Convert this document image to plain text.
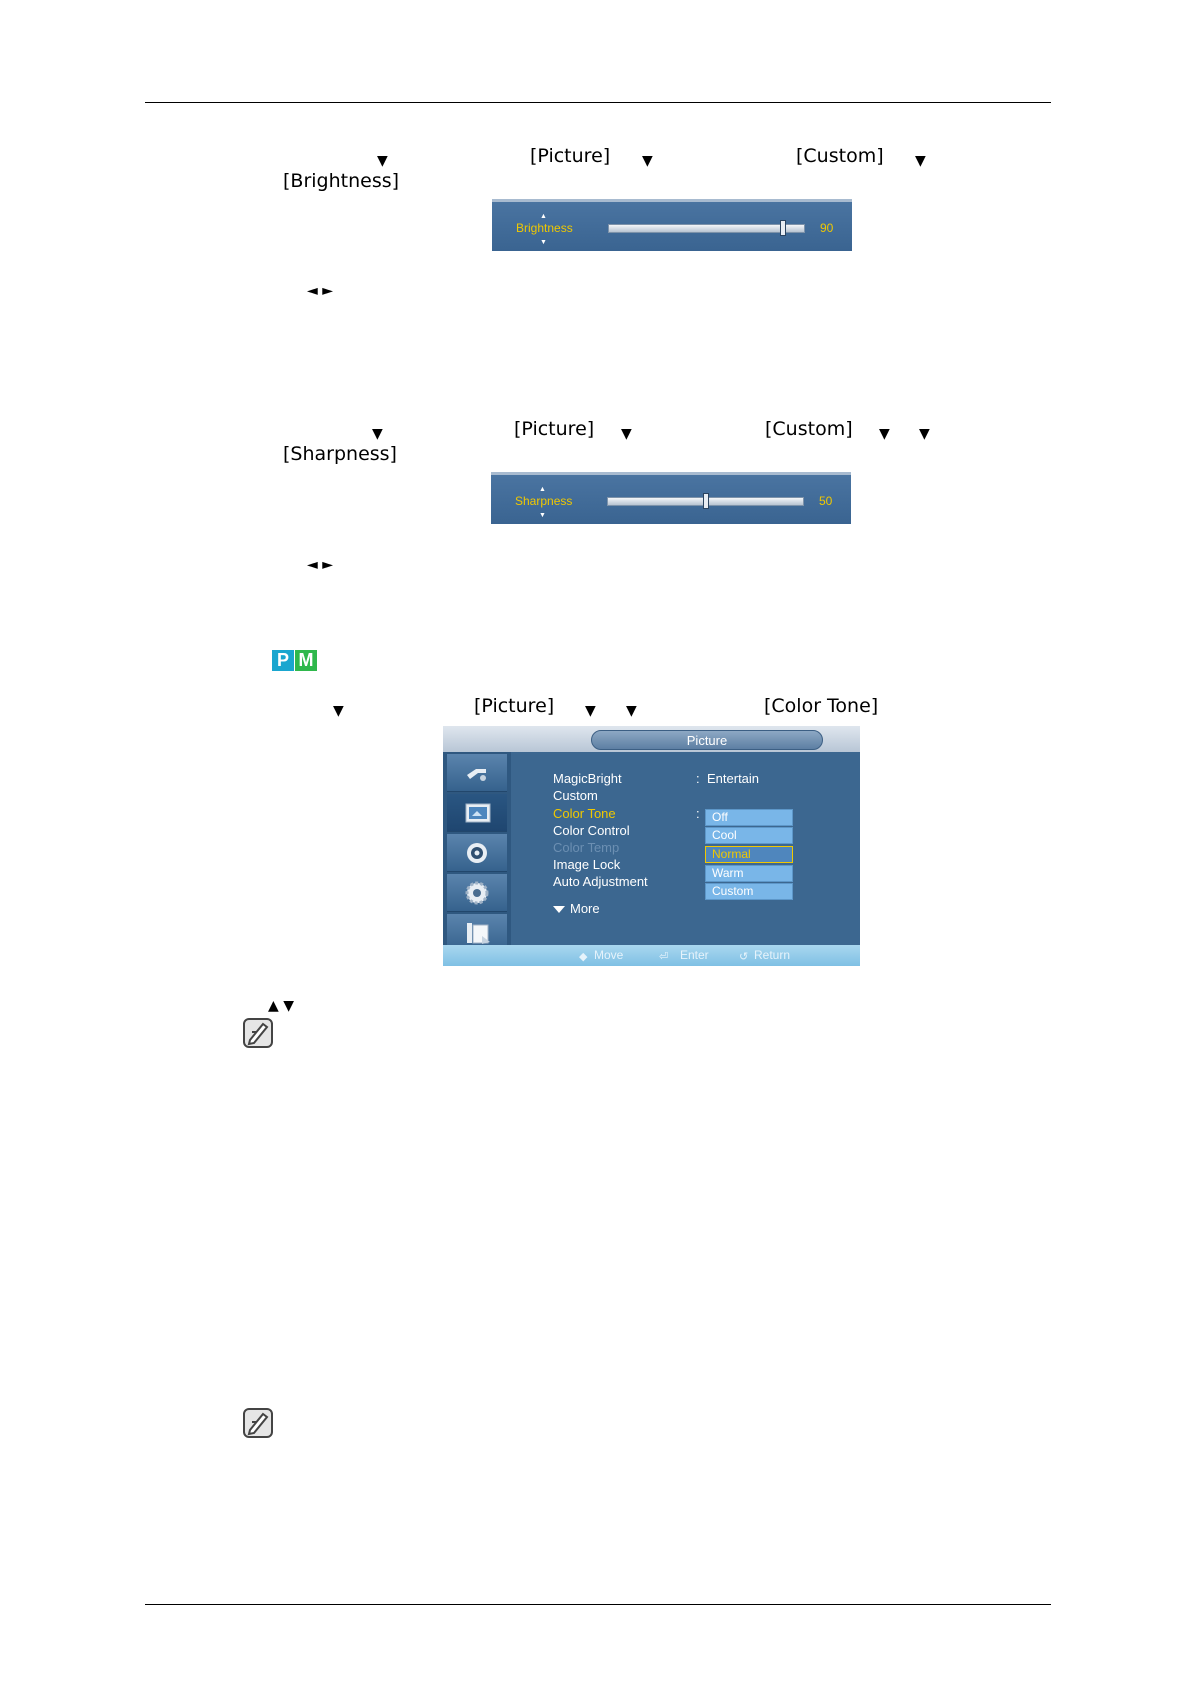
▼	[Picture] ▼	[Custom] ▼
[Brightness]
▲
Brightness
▼
90
◄ ►
▼	[Picture] ▼	[Custom] ▼ ▼
[Sharpness]
▲
Sharpness
▼
50
◄ ►
P M
▼	[Picture] ▼ ▼	[Color Tone]
Picture
MagicBright
Custom
Color Tone
Color Control
Color Temp
Image Lock
Auto Adjustment
More
: Entertain
:	Off
Cool
Normal
Warm
Custom
◆ Move	⏎ Enter	↺ Return
▲ ▼
